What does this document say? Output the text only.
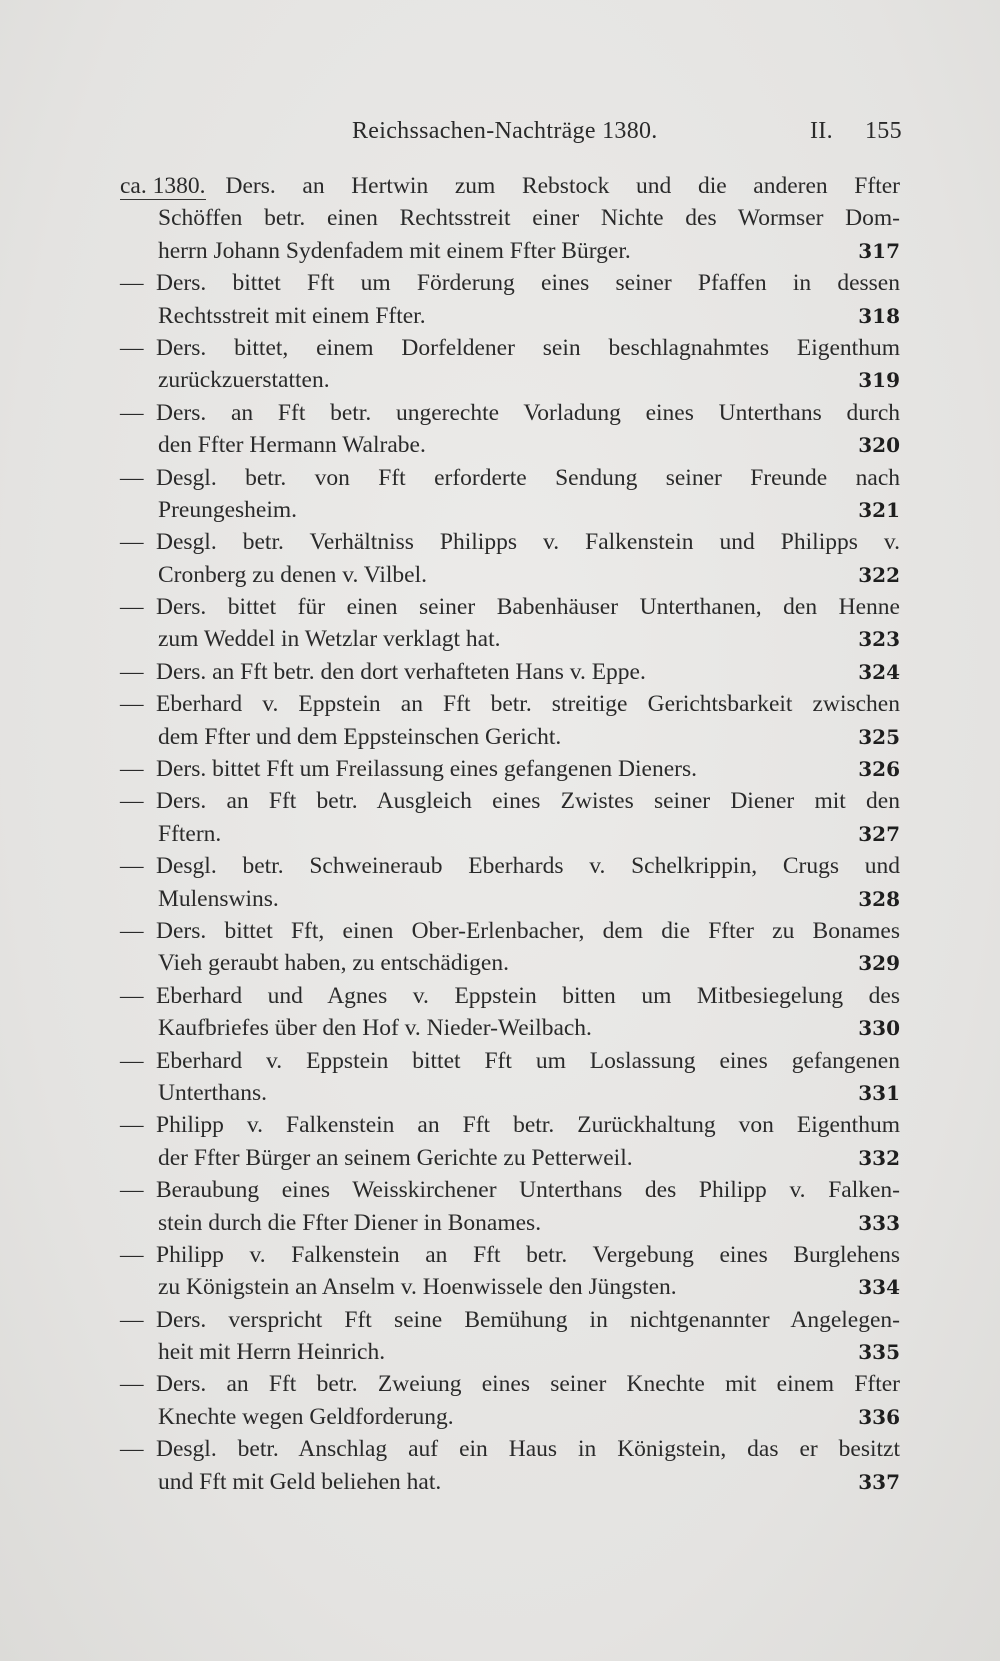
Reichssachen-Nachträge 1380.	II. 155
ca. 1380. Ders. an Hertwin zum Rebstock und die anderen Ffter
Schöffen betr. einen Rechtsstreit einer Nichte des Wormser Dom-
herrn Johann Sydenfadem mit einem Ffter Bürger.	317
— Ders. bittet Fft um Förderung eines seiner Pfaffen in dessen
Rechtsstreit mit einem Ffter.	318
— Ders. bittet, einem Dorfeldener sein beschlagnahmtes Eigenthum
zurückzuerstatten.	319
— Ders. an Fft betr. ungerechte Vorladung eines Unterthans durch
den Ffter Hermann Walrabe.	320
— Desgl. betr. von Fft erforderte Sendung seiner Freunde nach
Preungesheim.	321
— Desgl. betr. Verhältniss Philipps v. Falkenstein und Philipps v.
Cronberg zu denen v. Vilbel.	322
— Ders. bittet für einen seiner Babenhäuser Unterthanen, den Henne
zum Weddel in Wetzlar verklagt hat.	323
— Ders. an Fft betr. den dort verhafteten Hans v. Eppe.	324
— Eberhard v. Eppstein an Fft betr. streitige Gerichtsbarkeit zwischen
dem Ffter und dem Eppsteinschen Gericht.	325
— Ders. bittet Fft um Freilassung eines gefangenen Dieners.	326
— Ders. an Fft betr. Ausgleich eines Zwistes seiner Diener mit den
Fftern.	327
— Desgl. betr. Schweineraub Eberhards v. Schelkrippin, Crugs und
Mulenswins.	328
— Ders. bittet Fft, einen Ober-Erlenbacher, dem die Ffter zu Bonames
Vieh geraubt haben, zu entschädigen.	329
— Eberhard und Agnes v. Eppstein bitten um Mitbesiegelung des
Kaufbriefes über den Hof v. Nieder-Weilbach.	330
— Eberhard v. Eppstein bittet Fft um Loslassung eines gefangenen
Unterthans.	331
— Philipp v. Falkenstein an Fft betr. Zurückhaltung von Eigenthum
der Ffter Bürger an seinem Gerichte zu Petterweil.	332
— Beraubung eines Weisskirchener Unterthans des Philipp v. Falken-
stein durch die Ffter Diener in Bonames.	333
— Philipp v. Falkenstein an Fft betr. Vergebung eines Burglehens
zu Königstein an Anselm v. Hoenwissele den Jüngsten.	334
— Ders. verspricht Fft seine Bemühung in nichtgenannter Angelegen-
heit mit Herrn Heinrich.	335
— Ders. an Fft betr. Zweiung eines seiner Knechte mit einem Ffter
Knechte wegen Geldforderung.	336
— Desgl. betr. Anschlag auf ein Haus in Königstein, das er besitzt
und Fft mit Geld beliehen hat.	337
